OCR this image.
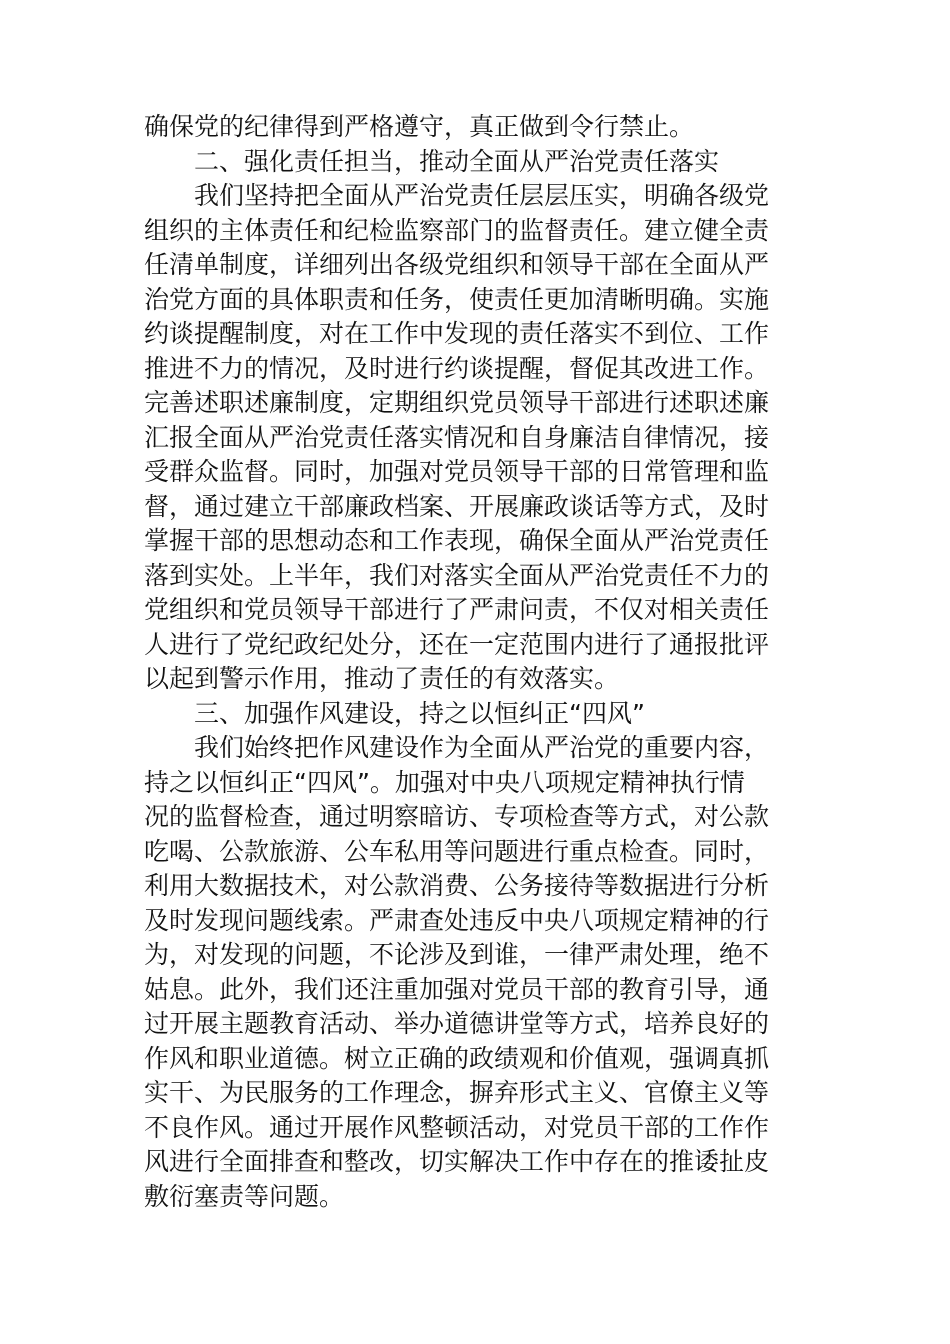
确保党的纪律得到严格遵守，真正做到令行禁止。
二、强化责任担当，推动全面从严治党责任落实
我们坚持把全面从严治党责任层层压实，明确各级党
组织的主体责任和纪检监察部门的监督责任。建立健全责
任清单制度，详细列出各级党组织和领导干部在全面从严
治党方面的具体职责和任务，使责任更加清晰明确。实施
约谈提醒制度，对在工作中发现的责任落实不到位、工作
推进不力的情况，及时进行约谈提醒，督促其改进工作。
完善述职述廉制度，定期组织党员领导干部进行述职述廉
汇报全面从严治党责任落实情况和自身廉洁自律情况，接
受群众监督。同时，加强对党员领导干部的日常管理和监
督，通过建立干部廉政档案、开展廉政谈话等方式，及时
掌握干部的思想动态和工作表现，确保全面从严治党责任
落到实处。上半年，我们对落实全面从严治党责任不力的
党组织和党员领导干部进行了严肃问责，不仅对相关责任
人进行了党纪政纪处分，还在一定范围内进行了通报批评
以起到警示作用，推动了责任的有效落实。
三、加强作风建设，持之以恒纠正“四风”
我们始终把作风建设作为全面从严治党的重要内容，
持之以恒纠正“四风”。加强对中央八项规定精神执行情
况的监督检查，通过明察暗访、专项检查等方式，对公款
吃喝、公款旅游、公车私用等问题进行重点检查。同时，
利用大数据技术，对公款消费、公务接待等数据进行分析
及时发现问题线索。严肃查处违反中央八项规定精神的行
为，对发现的问题，不论涉及到谁，一律严肃处理，绝不
姑息。此外，我们还注重加强对党员干部的教育引导，通
过开展主题教育活动、举办道德讲堂等方式，培养良好的
作风和职业道德。树立正确的政绩观和价值观，强调真抓
实干、为民服务的工作理念，摒弃形式主义、官僚主义等
不良作风。通过开展作风整顿活动，对党员干部的工作作
风进行全面排查和整改，切实解决工作中存在的推诿扯皮
敷衍塞责等问题。
